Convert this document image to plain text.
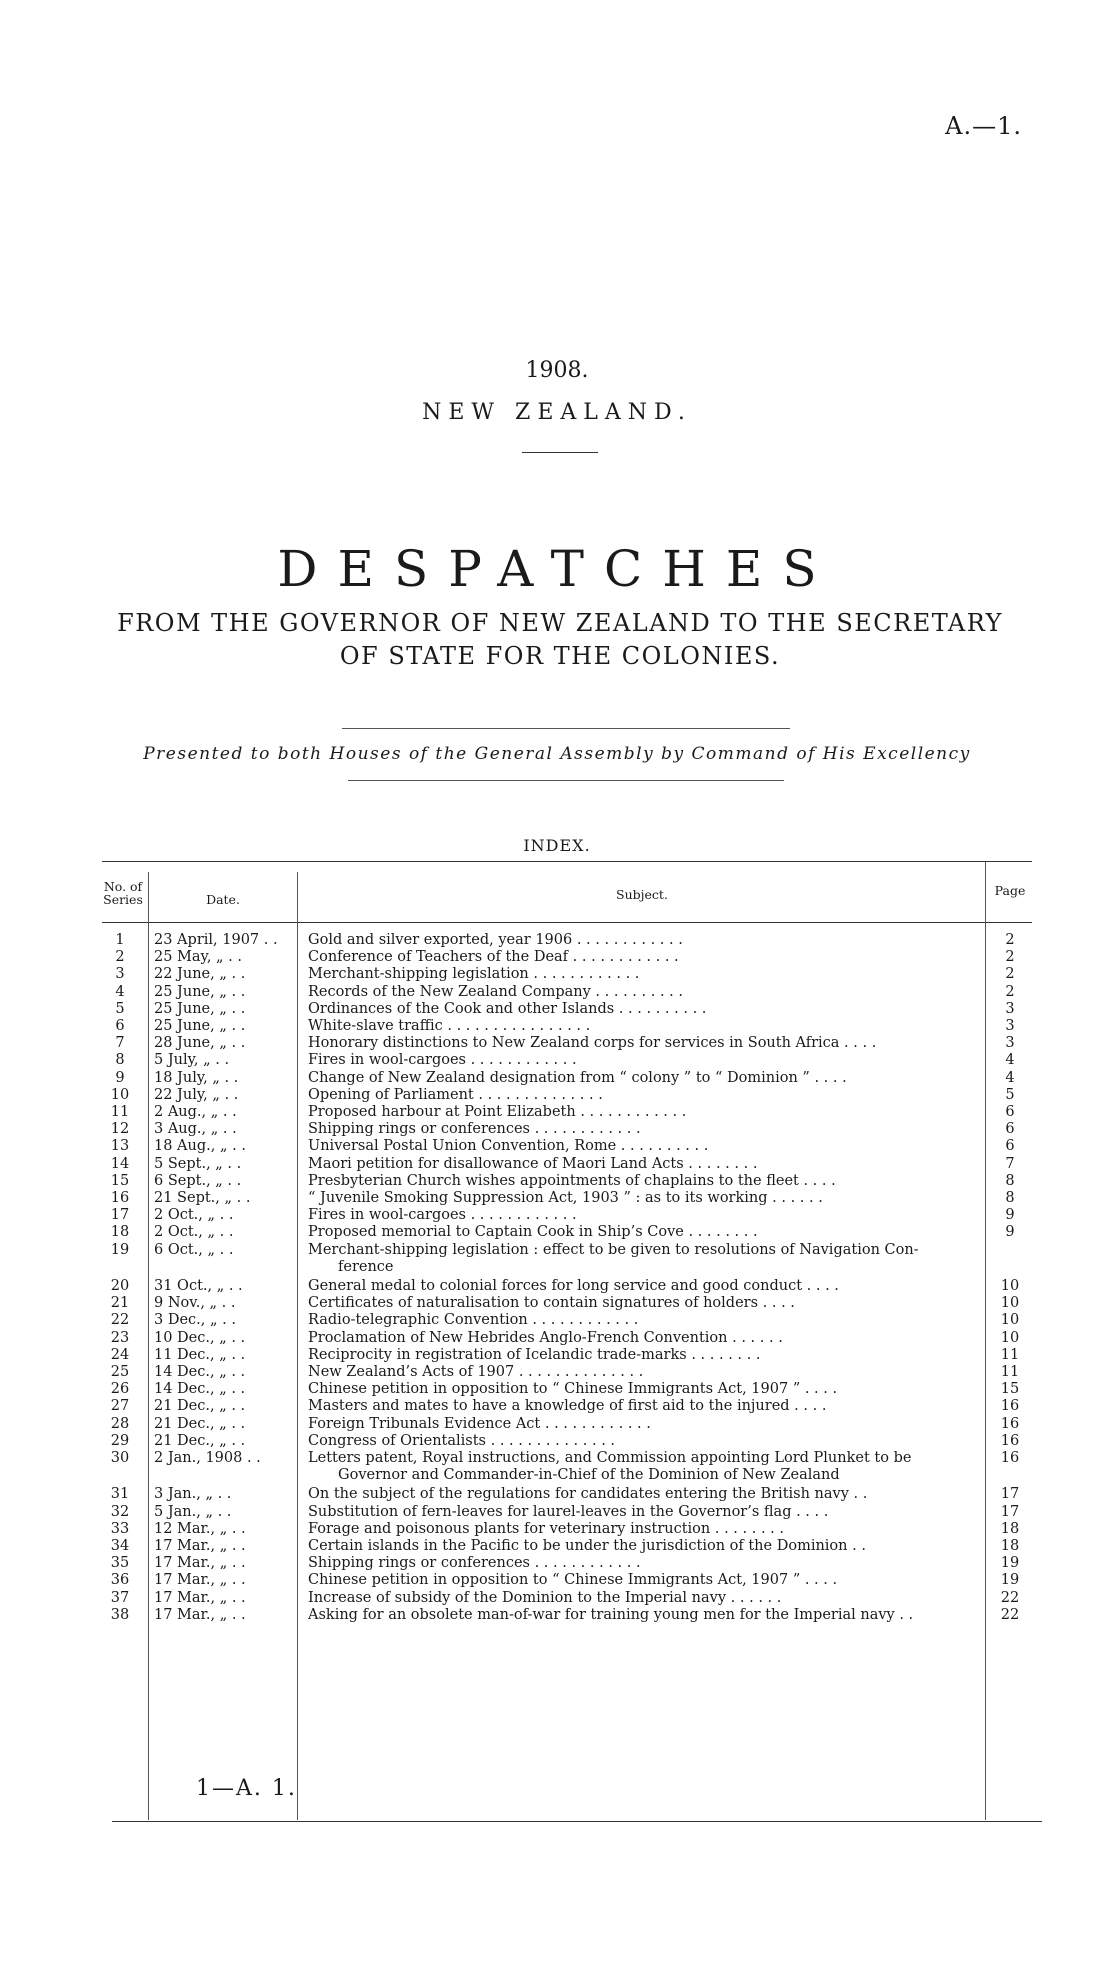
A.—1.
1908.
NEW ZEALAND.
DESPATCHES
FROM THE GOVERNOR OF NEW ZEALAND TO THE SECRETARY
OF STATE FOR THE COLONIES.
Presented to both Houses of the General Assembly by Command of His Excellency
INDEX.
No. of Series	Date.	Subject.	Page
1	23 April, 1907 . .	Gold and silver exported, year 1906 . . . . . . . . . . . .	2
2	25 May, „ . .	Conference of Teachers of the Deaf . . . . . . . . . . . .	2
3	22 June, „ . .	Merchant-shipping legislation . . . . . . . . . . . .	2
4	25 June, „ . .	Records of the New Zealand Company . . . . . . . . . .	2
5	25 June, „ . .	Ordinances of the Cook and other Islands . . . . . . . . . .	3
6	25 June, „ . .	White-slave traffic . . . . . . . . . . . . . . . .	3
7	28 June, „ . .	Honorary distinctions to New Zealand corps for services in South Africa . . . .	3
8	5 July, „ . .	Fires in wool-cargoes . . . . . . . . . . . .	4
9	18 July, „ . .	Change of New Zealand designation from “ colony ” to “ Dominion ” . . . .	4
10	22 July, „ . .	Opening of Parliament . . . . . . . . . . . . . .	5
11	2 Aug., „ . .	Proposed harbour at Point Elizabeth . . . . . . . . . . . .	6
12	3 Aug., „ . .	Shipping rings or conferences . . . . . . . . . . . .	6
13	18 Aug., „ . .	Universal Postal Union Convention, Rome . . . . . . . . . .	6
14	5 Sept., „ . .	Maori petition for disallowance of Maori Land Acts . . . . . . . .	7
15	6 Sept., „ . .	Presbyterian Church wishes appointments of chaplains to the fleet . . . .	8
16	21 Sept., „ . .	“ Juvenile Smoking Suppression Act, 1903 ” : as to its working . . . . . .	8
17	2 Oct., „ . .	Fires in wool-cargoes . . . . . . . . . . . .	9
18	2 Oct., „ . .	Proposed memorial to Captain Cook in Ship’s Cove . . . . . . . .	9
19	6 Oct., „ . .	Merchant-shipping legislation : effect to be given to resolutions of Navigation Con-
ference
20	31 Oct., „ . .	General medal to colonial forces for long service and good conduct . . . .	10
21	9 Nov., „ . .	Certificates of naturalisation to contain signatures of holders . . . .	10
22	3 Dec., „ . .	Radio-telegraphic Convention . . . . . . . . . . . .	10
23	10 Dec., „ . .	Proclamation of New Hebrides Anglo-French Convention . . . . . .	10
24	11 Dec., „ . .	Reciprocity in registration of Icelandic trade-marks . . . . . . . .	11
25	14 Dec., „ . .	New Zealand’s Acts of 1907 . . . . . . . . . . . . . .	11
26	14 Dec., „ . .	Chinese petition in opposition to “ Chinese Immigrants Act, 1907 ” . . . .	15
27	21 Dec., „ . .	Masters and mates to have a knowledge of first aid to the injured . . . .	16
28	21 Dec., „ . .	Foreign Tribunals Evidence Act . . . . . . . . . . . .	16
29	21 Dec., „ . .	Congress of Orientalists . . . . . . . . . . . . . .	16
30	2 Jan., 1908 . .	Letters patent, Royal instructions, and Commission appointing Lord Plunket to be	16
Governor and Commander-in-Chief of the Dominion of New Zealand
31	3 Jan., „ . .	On the subject of the regulations for candidates entering the British navy . .	17
32	5 Jan., „ . .	Substitution of fern-leaves for laurel-leaves in the Governor’s flag . . . .	17
33	12 Mar., „ . .	Forage and poisonous plants for veterinary instruction . . . . . . . .	18
34	17 Mar., „ . .	Certain islands in the Pacific to be under the jurisdiction of the Dominion . .	18
35	17 Mar., „ . .	Shipping rings or conferences . . . . . . . . . . . .	19
36	17 Mar., „ . .	Chinese petition in opposition to “ Chinese Immigrants Act, 1907 ” . . . .	19
37	17 Mar., „ . .	Increase of subsidy of the Dominion to the Imperial navy . . . . . .	22
38	17 Mar., „ . .	Asking for an obsolete man-of-war for training young men for the Imperial navy . .	22
1—A. 1.
